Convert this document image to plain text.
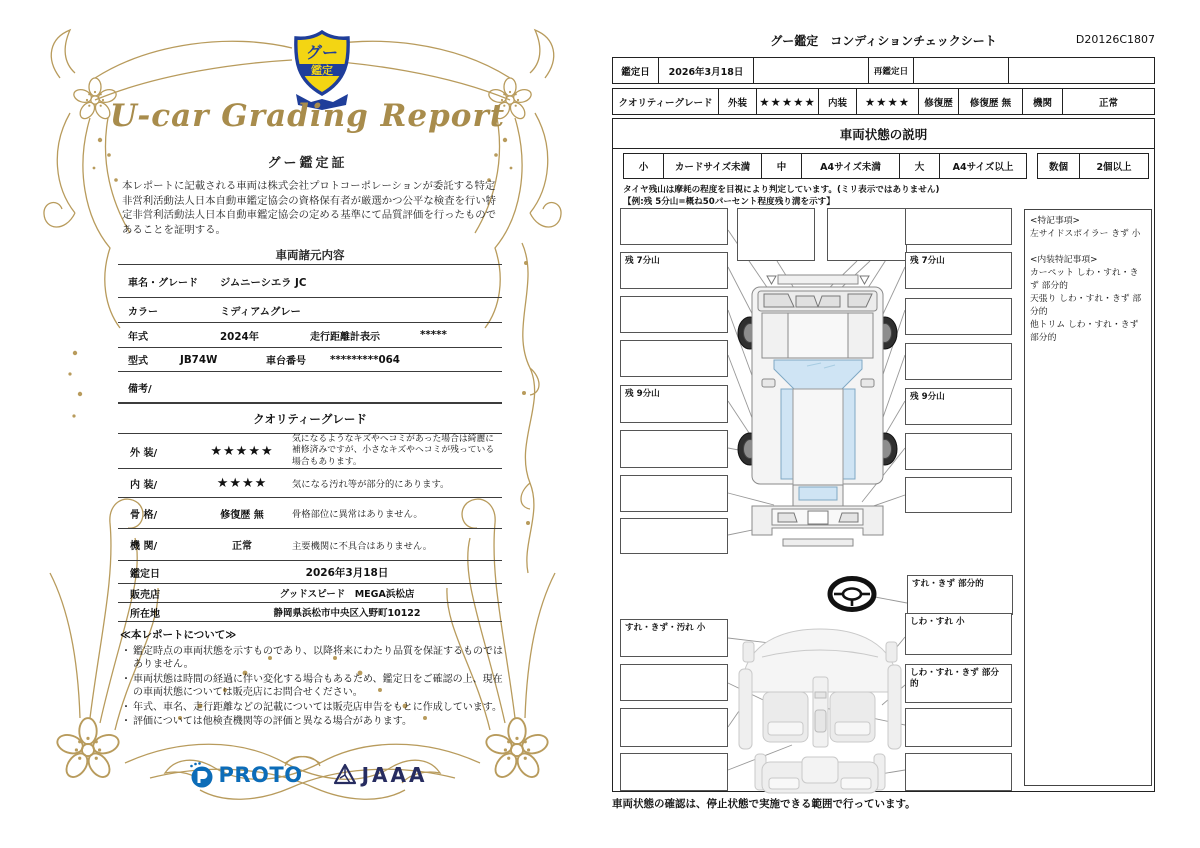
グー
鑑定
U-car Grading Report
グー鑑定証
本レポートに記載される車両は株式会社プロトコーポレーションが委託する特定非営利活動法人日本自動車鑑定協会の資格保有者が厳選かつ公平な検査を行い特定非営利活動法人日本自動車鑑定協会の定める基準にて品質評価を行ったものであることを証明する。
車両諸元内容
車名・グレード	ジムニーシエラ JC
カラー	ミディアムグレー
年式	2024年	走行距離計表示	*****
型式	JB74W	車台番号	*********064
備考/
クオリティーグレード
外 装/	★★★★★
気になるようなキズやヘコミがあった場合は綺麗に補修済みですが、小さなキズやヘコミが残っている場合もあります。
内 装/	★★★★	気になる汚れ等が部分的にあります。
骨 格/	修復歴 無	骨格部位に異常はありません。
機 関/	正常	主要機関に不具合はありません。
鑑定日	2026年3月18日
販売店	グッドスピード　MEGA浜松店
所在地	静岡県浜松市中央区入野町10122
≪本レポートについて≫
・ 鑑定時点の車両状態を示すものであり、以降将来にわたり品質を保証するものではありません。
・ 車両状態は時間の経過に伴い変化する場合もあるため、鑑定日をご確認の上、現在の車両状態については販売店にお問合せください。
・ 年式、車名、走行距離などの記載については販売店申告をもとに作成しています。
・ 評価については他検査機関等の評価と異なる場合があります。
PROTO	JAAA
グー鑑定　コンディションチェックシート	D20126C1807
鑑定日	2026年3月18日	再鑑定日
クオリティーグレード	外装	★★★★★	内装	★★★★	修復歴	修復歴 無	機関	正常
車両状態の説明
小	カードサイズ未満	中	A4サイズ未満	大	A4サイズ以上	数個	2個以上
タイヤ残山は摩耗の程度を目視により判定しています。(ミリ表示ではありません)
【例:残 5分山=概ね50パーセント程度残り溝を示す】
<特記事項>
左サイドスポイラー きず 小
<内装特記事項>
カーペット しわ・すれ・きず 部分的
天張り しわ・すれ・きず 部分的
他トリム しわ・すれ・きず 部分的
残 7分山
残 9分山
残 7分山
残 9分山
すれ・きず 部分的
すれ・きず・汚れ 小
しわ・すれ 小
しわ・すれ・きず 部分的
車両状態の確認は、停止状態で実施できる範囲で行っています。
